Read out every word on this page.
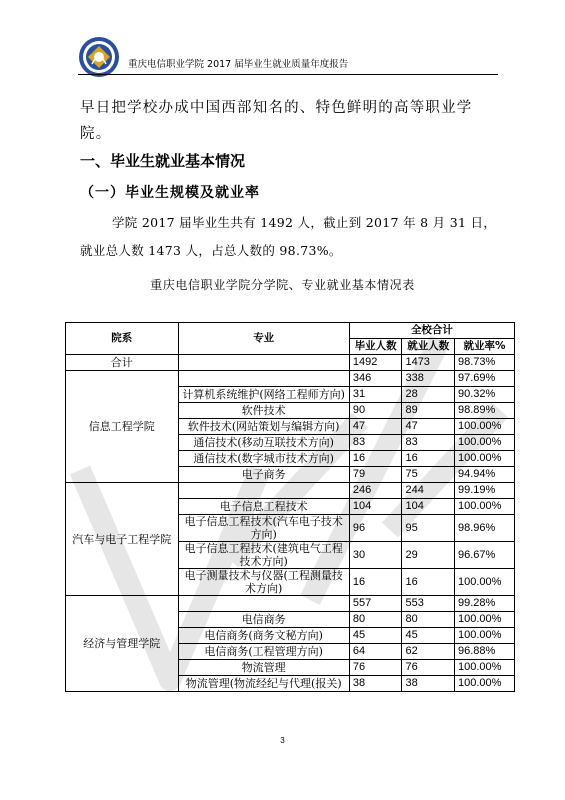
重庆电信职业学院 2017 届毕业生就业质量年度报告
早日把学校办成中国西部知名的、特色鲜明的高等职业学
院。
一、毕业生就业基本情况
（一）毕业生规模及就业率
学院 2017 届毕业生共有 1492 人，截止到 2017 年 8 月 31 日，
就业总人数 1473 人，占总人数的 98.73%。
重庆电信职业学院分学院、专业就业基本情况表
院系	专业	全校合计		
		毕业人数	就业人数	就业率%
合计		1492	1473	98.73%
信息工程学院		346	338	97.69%
	计算机系统维护(网络工程师方向)	31	28	90.32%
	软件技术	90	89	98.89%
	软件技术(网站策划与编辑方向)	47	47	100.00%
	通信技术(移动互联技术方向)	83	83	100.00%
	通信技术(数字城市技术方向)	16	16	100.00%
	电子商务	79	75	94.94%
汽车与电子工程学院		246	244	99.19%
	电子信息工程技术	104	104	100.00%
	电子信息工程技术(汽车电子技术方向)	96	95	98.96%
	电子信息工程技术(建筑电气工程技术方向)	30	29	96.67%
	电子测量技术与仪器(工程测量技术方向)	16	16	100.00%
经济与管理学院		557	553	99.28%
	电信商务	80	80	100.00%
	电信商务(商务文秘方向)	45	45	100.00%
	电信商务(工程管理方向)	64	62	96.88%
	物流管理	76	76	100.00%
	物流管理(物流经纪与代理(报关)	38	38	100.00%
3
